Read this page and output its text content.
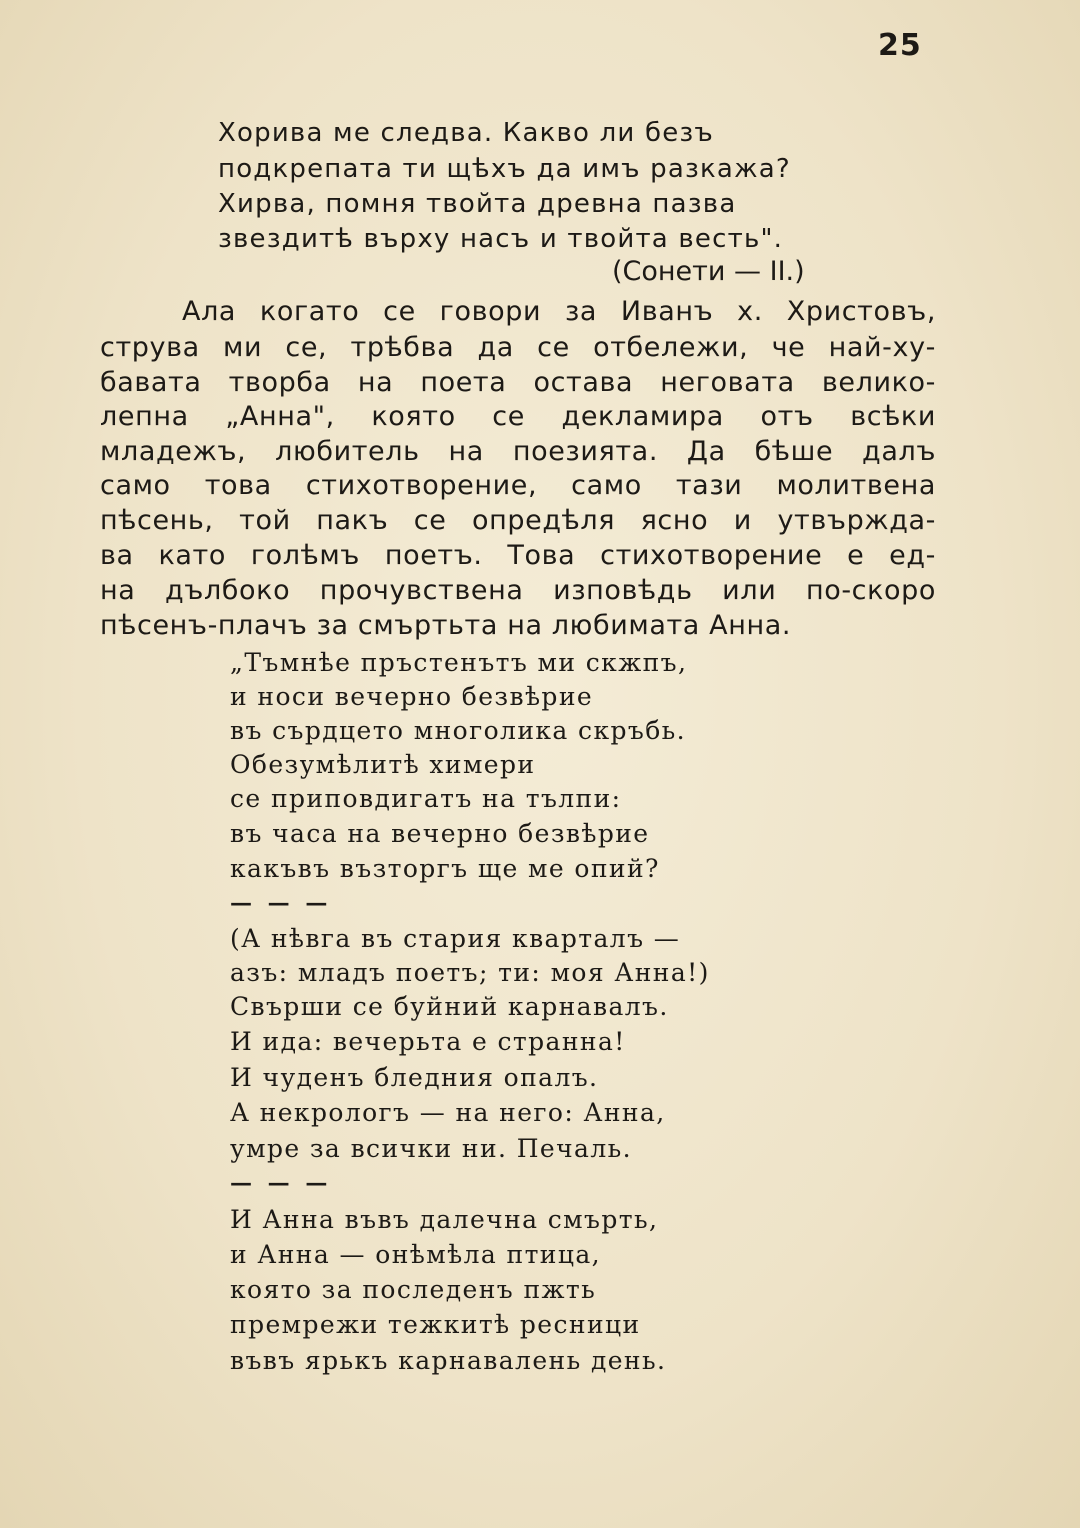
25

Хорива ме следва. Какво ли безъ

подкрепата ти щѣхъ да имъ разкажа?

Хирва, помня твойта древна пазва

звездитѣ върху насъ и твойта весть".

(Сонети — II.)

Ала когато се говори за Иванъ х. Христовъ,

струва ми се, трѣбва да се отбележи, че най-ху-

бавата творба на поета остава неговата велико-

лепна „Анна", която се декламира отъ всѣки

младежъ, любитель на поезията. Да бѣше далъ

само това стихотворение, само тази молитвена

пѣсень, той пакъ се опредѣля ясно и утвържда-

ва като голѣмъ поетъ. Това стихотворение е ед-

на дълбоко прочувствена изповѣдь или по-скоро

пѣсенъ-плачъ за смъртьта на любимата Анна.

„Тъмнѣе пръстенътъ ми скжпъ,

и носи вечерно безвѣрие

въ сърдцето многолика скръбь.

Обезумѣлитѣ химери

се приповдигатъ на тълпи:

въ часа на вечерно безвѣрие

какъвъ възторгъ ще ме опий?

— — —

(А нѣвга въ стария кварталъ —

азъ: младъ поетъ; ти: моя Анна!)

Свърши се буйний карнавалъ.

И ида: вечерьта е странна!

И чуденъ бледния опалъ.

А некрологъ — на него: Анна,

умре за всички ни. Печаль.

— — —

И Анна въвъ далечна смърть,

и Анна — онѣмѣла птица,

която за последенъ пжть

премрежи тежкитѣ ресници

въвъ ярькъ карнавалень день.
